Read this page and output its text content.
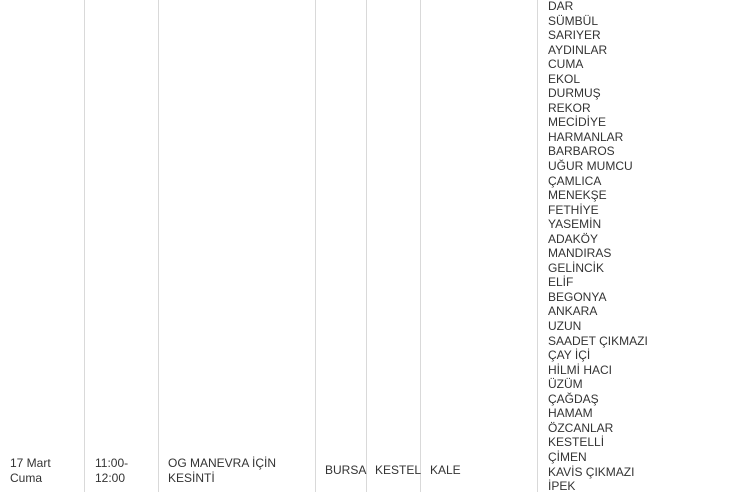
17 Mart
Cuma
11:00-
12:00
OG MANEVRA İÇİN
KESİNTİ
BURSA KESTEL KALE
DAR
SÜMBÜL
SARIYER
AYDINLAR
CUMA
EKOL
DURMUŞ
REKOR
MECİDİYE
HARMANLAR
BARBAROS
UĞUR MUMCU
ÇAMLICA
MENEKŞE
FETHİYE
YASEMİN
ADAKÖY
MANDIRAS
GELİNCİK
ELİF
BEGONYA
ANKARA
UZUN
SAADET ÇIKMAZI
ÇAY İÇİ
HİLMİ HACI
ÜZÜM
ÇAĞDAŞ
HAMAM
ÖZCANLAR
KESTELLİ
ÇİMEN
KAVİS ÇIKMAZI
İPEK
